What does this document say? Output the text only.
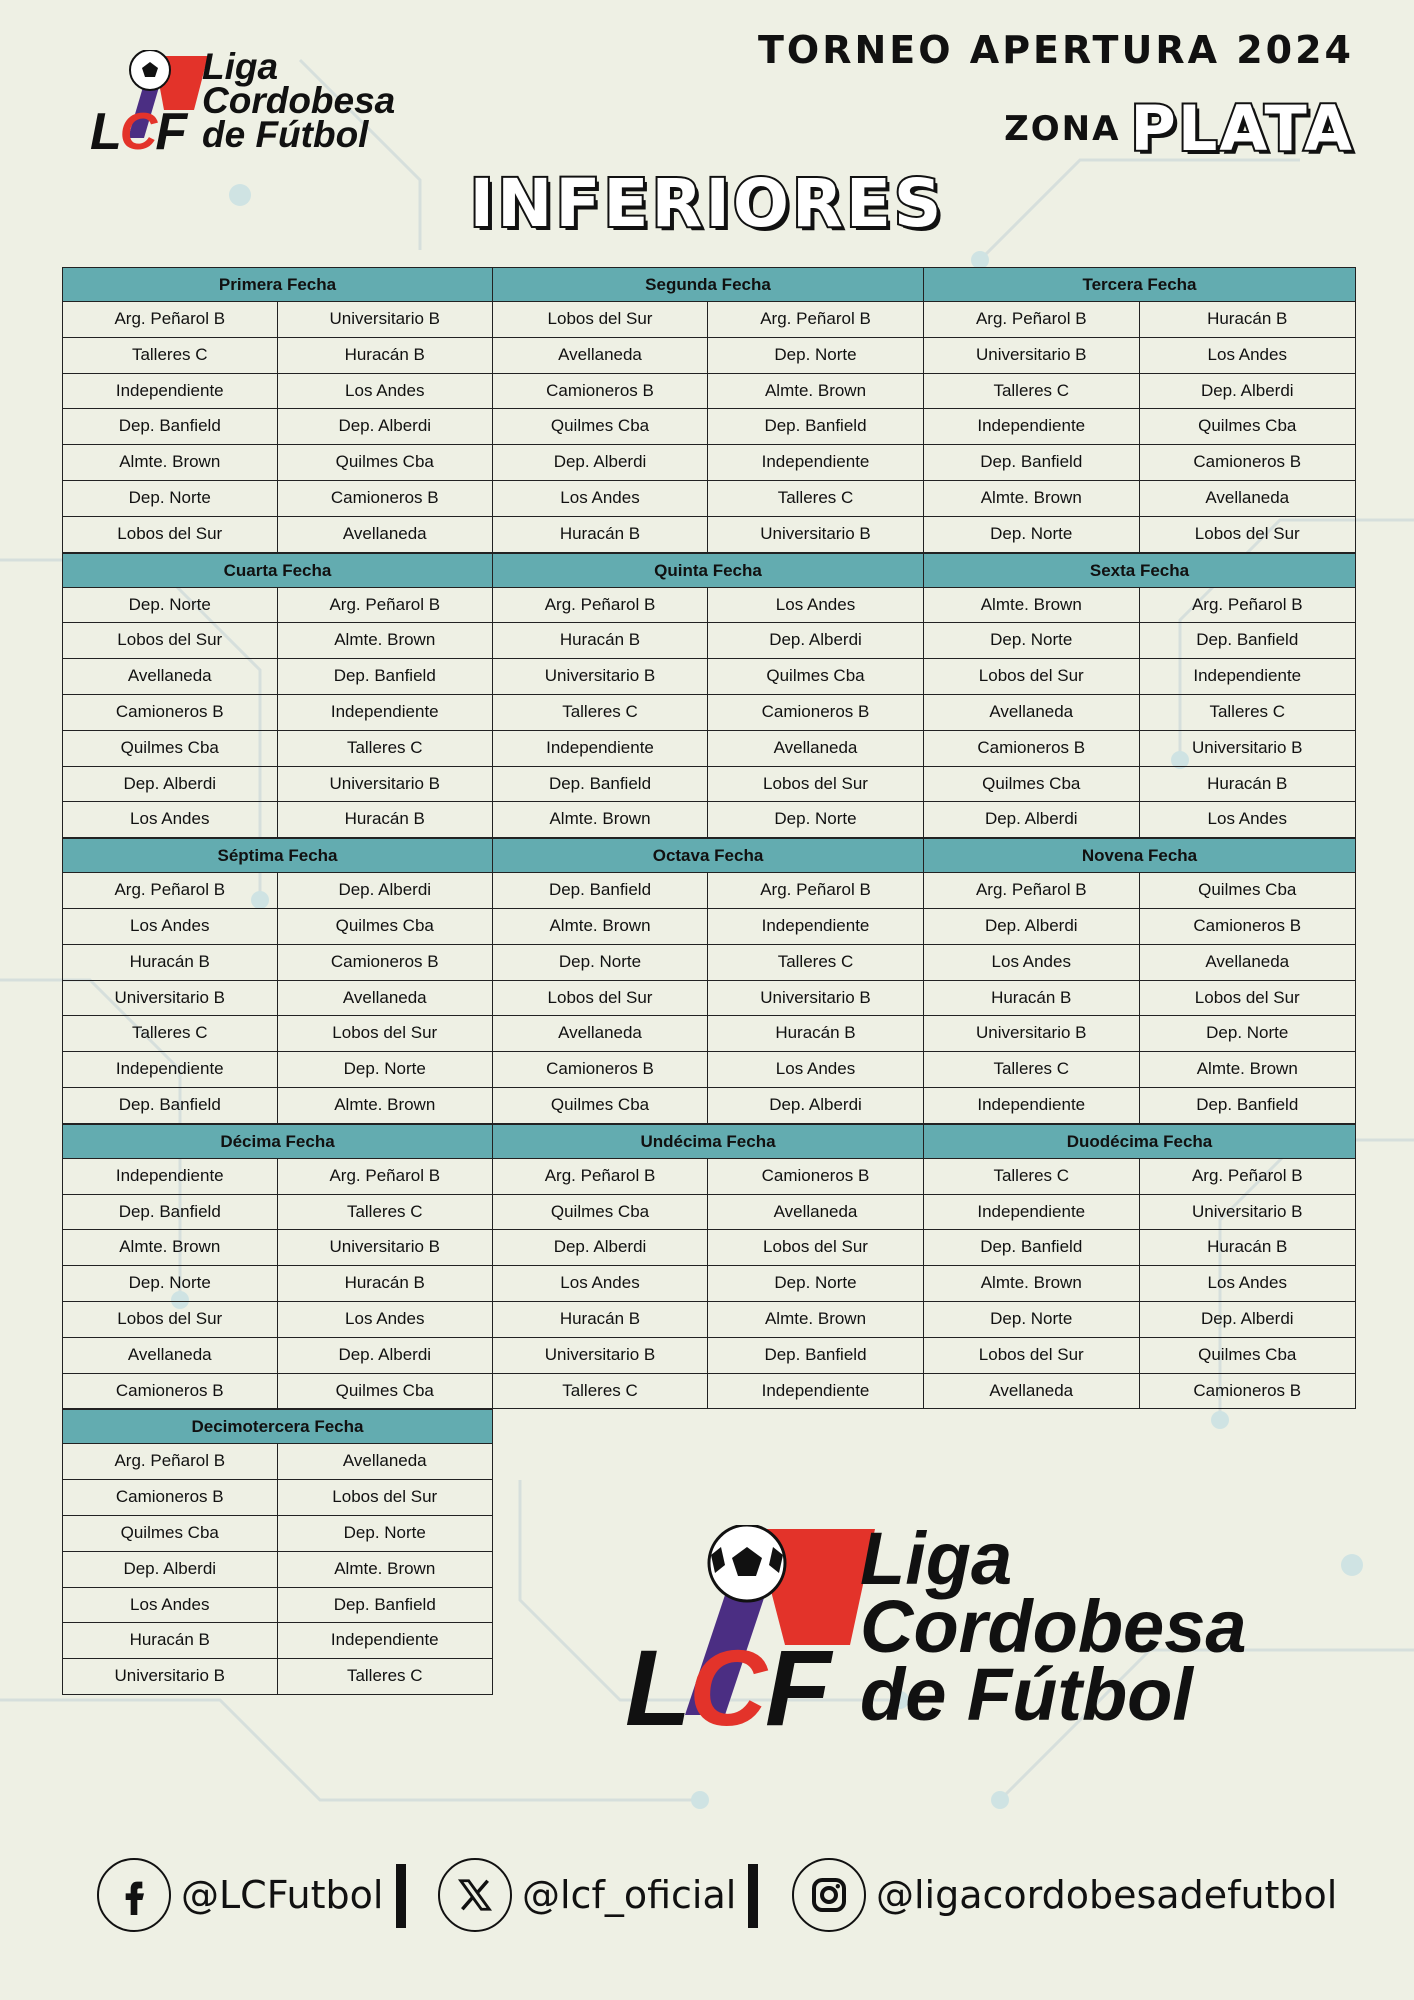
Liga
Cordobesa
de Fútbol
LCF
TORNEO APERTURA 2024
ZONA PLATA
INFERIORES
Primera Fecha
Arg. Peñarol B	Universitario B
Talleres C	Huracán B
Independiente	Los Andes
Dep. Banfield	Dep. Alberdi
Almte. Brown	Quilmes Cba
Dep. Norte	Camioneros B
Lobos del Sur	Avellaneda
Segunda Fecha
Lobos del Sur	Arg. Peñarol B
Avellaneda	Dep. Norte
Camioneros B	Almte. Brown
Quilmes Cba	Dep. Banfield
Dep. Alberdi	Independiente
Los Andes	Talleres C
Huracán B	Universitario B
Tercera Fecha
Arg. Peñarol B	Huracán B
Universitario B	Los Andes
Talleres C	Dep. Alberdi
Independiente	Quilmes Cba
Dep. Banfield	Camioneros B
Almte. Brown	Avellaneda
Dep. Norte	Lobos del Sur
Cuarta Fecha
Dep. Norte	Arg. Peñarol B
Lobos del Sur	Almte. Brown
Avellaneda	Dep. Banfield
Camioneros B	Independiente
Quilmes Cba	Talleres C
Dep. Alberdi	Universitario B
Los Andes	Huracán B
Quinta Fecha
Arg. Peñarol B	Los Andes
Huracán B	Dep. Alberdi
Universitario B	Quilmes Cba
Talleres C	Camioneros B
Independiente	Avellaneda
Dep. Banfield	Lobos del Sur
Almte. Brown	Dep. Norte
Sexta Fecha
Almte. Brown	Arg. Peñarol B
Dep. Norte	Dep. Banfield
Lobos del Sur	Independiente
Avellaneda	Talleres C
Camioneros B	Universitario B
Quilmes Cba	Huracán B
Dep. Alberdi	Los Andes
Séptima Fecha
Arg. Peñarol B	Dep. Alberdi
Los Andes	Quilmes Cba
Huracán B	Camioneros B
Universitario B	Avellaneda
Talleres C	Lobos del Sur
Independiente	Dep. Norte
Dep. Banfield	Almte. Brown
Octava Fecha
Dep. Banfield	Arg. Peñarol B
Almte. Brown	Independiente
Dep. Norte	Talleres C
Lobos del Sur	Universitario B
Avellaneda	Huracán B
Camioneros B	Los Andes
Quilmes Cba	Dep. Alberdi
Novena Fecha
Arg. Peñarol B	Quilmes Cba
Dep. Alberdi	Camioneros B
Los Andes	Avellaneda
Huracán B	Lobos del Sur
Universitario B	Dep. Norte
Talleres C	Almte. Brown
Independiente	Dep. Banfield
Décima Fecha
Independiente	Arg. Peñarol B
Dep. Banfield	Talleres C
Almte. Brown	Universitario B
Dep. Norte	Huracán B
Lobos del Sur	Los Andes
Avellaneda	Dep. Alberdi
Camioneros B	Quilmes Cba
Undécima Fecha
Arg. Peñarol B	Camioneros B
Quilmes Cba	Avellaneda
Dep. Alberdi	Lobos del Sur
Los Andes	Dep. Norte
Huracán B	Almte. Brown
Universitario B	Dep. Banfield
Talleres C	Independiente
Duodécima Fecha
Talleres C	Arg. Peñarol B
Independiente	Universitario B
Dep. Banfield	Huracán B
Almte. Brown	Los Andes
Dep. Norte	Dep. Alberdi
Lobos del Sur	Quilmes Cba
Avellaneda	Camioneros B
Decimotercera Fecha
Arg. Peñarol B	Avellaneda
Camioneros B	Lobos del Sur
Quilmes Cba	Dep. Norte
Dep. Alberdi	Almte. Brown
Los Andes	Dep. Banfield
Huracán B	Independiente
Universitario B	Talleres C
Liga
Cordobesa
de Fútbol
LCF
@LCFutbol	@lcf_oficial	@ligacordobesadefutbol
